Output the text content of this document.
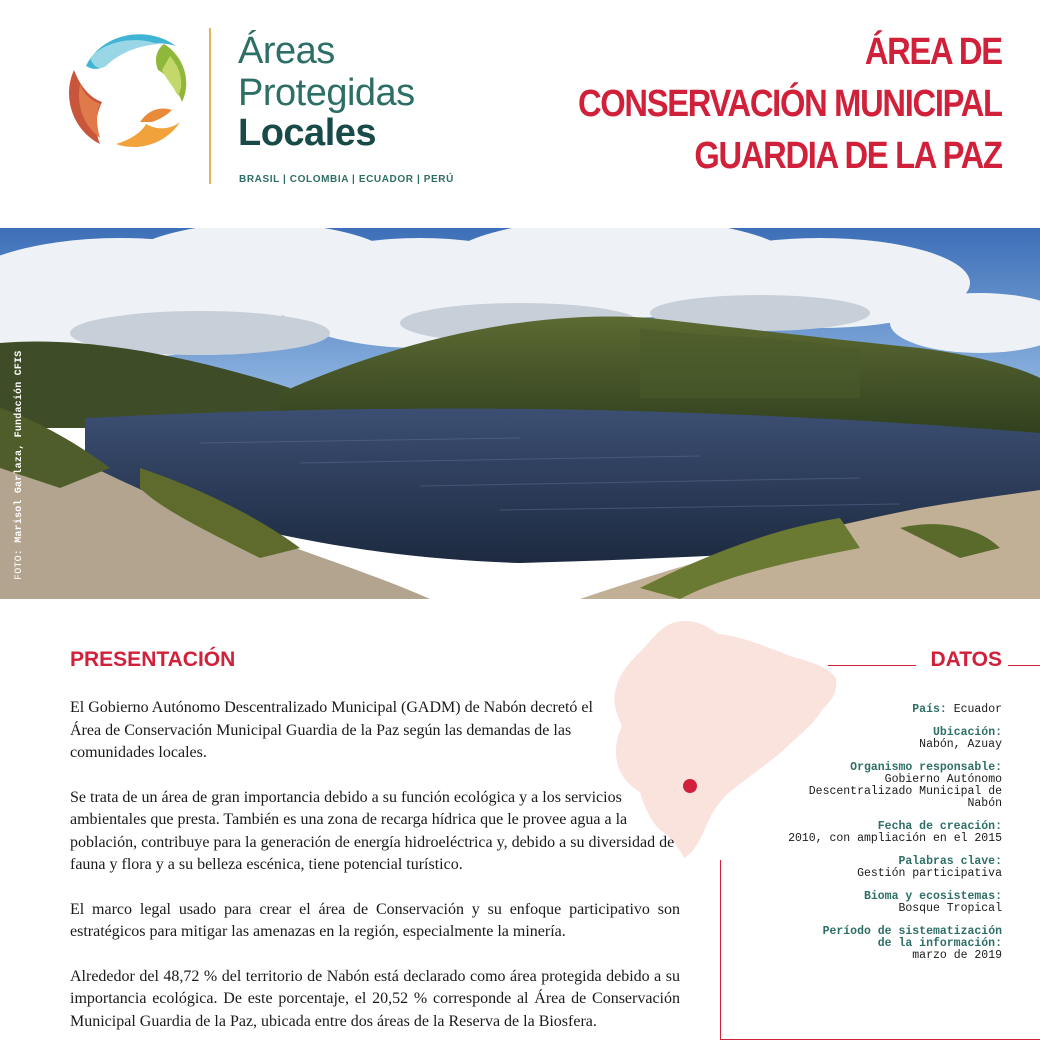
Áreas
Protegidas
Locales
BRASIL | COLOMBIA | ECUADOR | PERÚ
ÁREA DE
CONSERVACIÓN MUNICIPAL
GUARDIA DE LA PAZ
FOTO: Marisol Garlaza, Fundación CFIS
PRESENTACIÓN

El Gobierno Autónomo Descentralizado Municipal (GADM) de Nabón decretó el Área de Conservación Municipal Guardia de la Paz según las demandas de las comunidades locales.

Se trata de un área de gran importancia debido a su función ecológica y a los servicios ambientales que presta. También es una zona de recarga hídrica que le provee agua a la población, contribuye para la generación de energía hidroeléctrica y, debido a su diversidad de fauna y flora y a su belleza escénica, tiene potencial turístico.

El marco legal usado para crear el área de Conservación y su enfoque participativo son estratégicos para mitigar las amenazas en la región, especialmente la minería.

Alrededor del 48,72 % del territorio de Nabón está declarado como área protegida debido a su importancia ecológica. De este porcentaje, el 20,52 % corresponde al Área de Conservación Municipal Guardia de la Paz, ubicada entre dos áreas de la Reserva de la Biosfera.

DATOS
País: Ecuador
Ubicación:
Nabón, Azuay
Organismo responsable:
Gobierno Autónomo
Descentralizado Municipal de
Nabón
Fecha de creación:
2010, con ampliación en el 2015
Palabras clave:
Gestión participativa
Bioma y ecosistemas:
Bosque Tropical
Período de sistematización
de la información:
marzo de 2019
